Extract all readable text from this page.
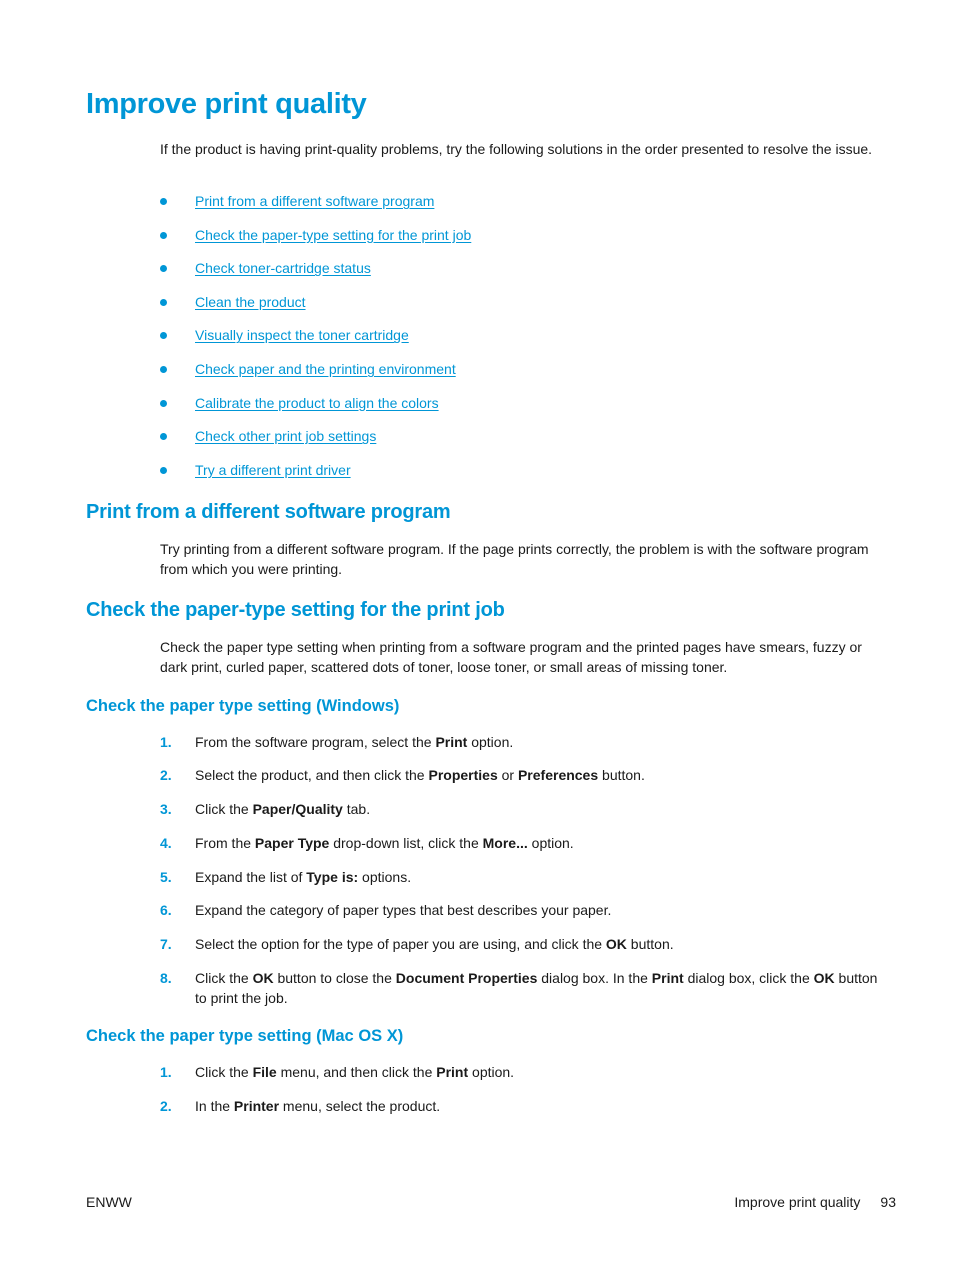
Improve print quality

If the product is having print-quality problems, try the following solutions in the order presented to resolve the issue.

Print from a different software program
Check the paper-type setting for the print job
Check toner-cartridge status
Clean the product
Visually inspect the toner cartridge
Check paper and the printing environment
Calibrate the product to align the colors
Check other print job settings
Try a different print driver
Print from a different software program

Try printing from a different software program. If the page prints correctly, the problem is with the software program from which you were printing.

Check the paper-type setting for the print job

Check the paper type setting when printing from a software program and the printed pages have smears, fuzzy or dark print, curled paper, scattered dots of toner, loose toner, or small areas of missing toner.

Check the paper type setting (Windows)
1. From the software program, select the Print option.
2. Select the product, and then click the Properties or Preferences button.
3. Click the Paper/Quality tab.
4. From the Paper Type drop-down list, click the More... option.
5. Expand the list of Type is: options.
6. Expand the category of paper types that best describes your paper.
7. Select the option for the type of paper you are using, and click the OK button.
8. Click the OK button to close the Document Properties dialog box. In the Print dialog box, click the OK button to print the job.
Check the paper type setting (Mac OS X)
1. Click the File menu, and then click the Print option.
2. In the Printer menu, select the product.
ENWW	Improve print quality 93
